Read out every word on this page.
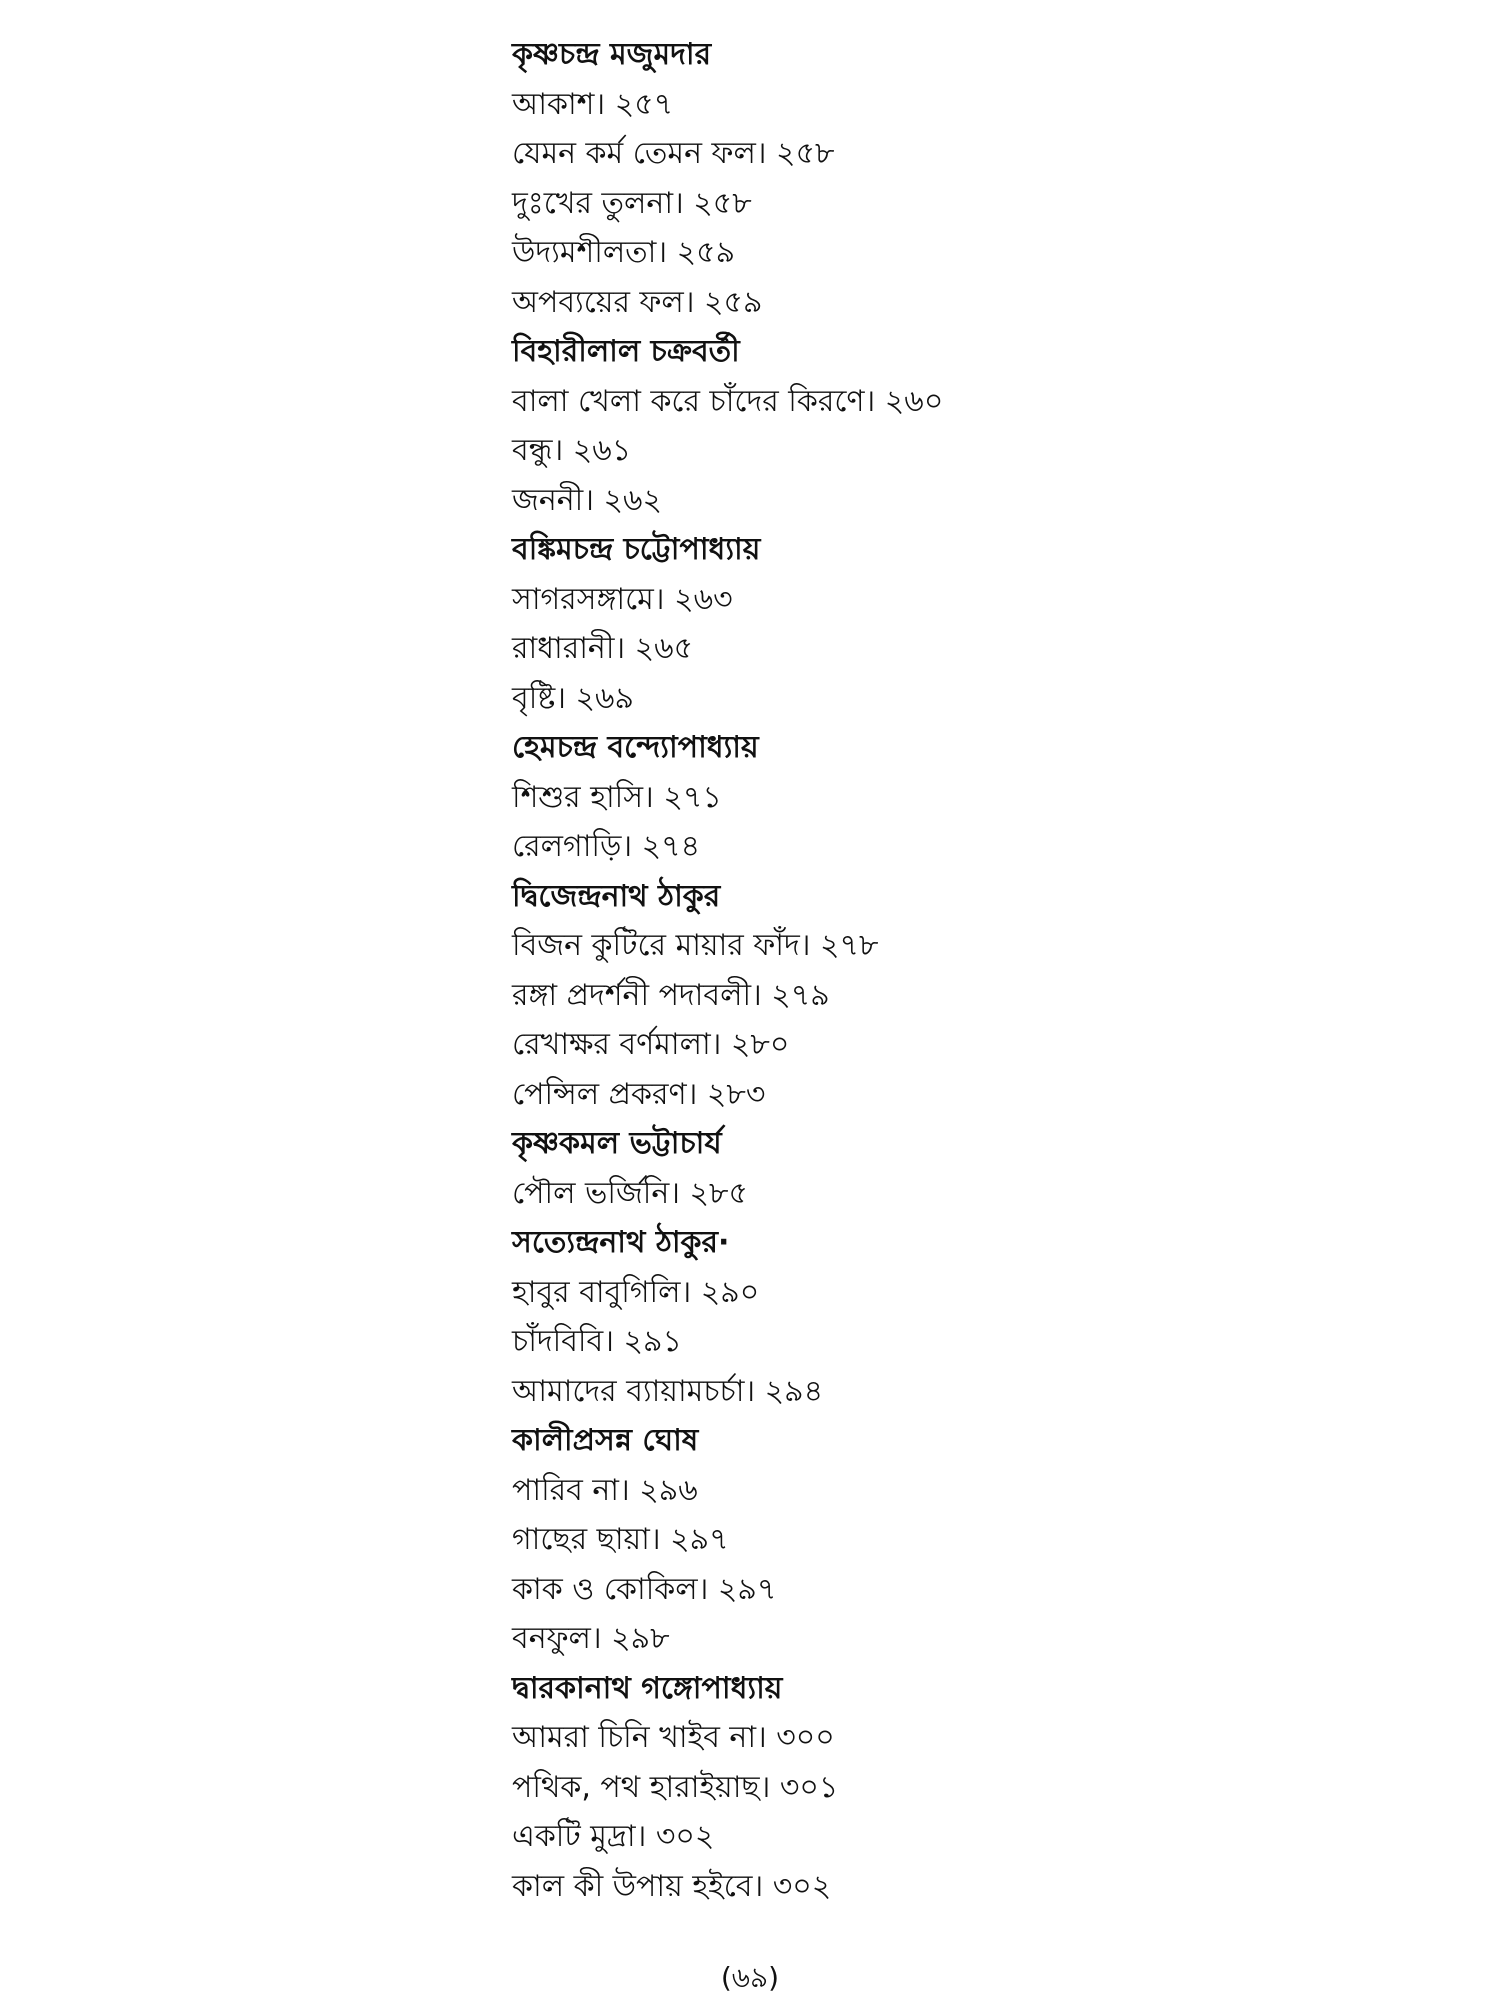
কৃষ্ণচন্দ্র মজুমদার
আকাশ। ২৫৭
যেমন কর্ম তেমন ফল। ২৫৮
দুঃখের তুলনা। ২৫৮
উদ্যমশীলতা। ২৫৯
অপব্যয়ের ফল। ২৫৯
বিহারীলাল চক্রবর্তী
বালা খেলা করে চাঁদের কিরণে। ২৬০
বন্ধু। ২৬১
জননী। ২৬২
বঙ্কিমচন্দ্র চট্টোপাধ্যায়
সাগরসঙ্গামে। ২৬৩
রাধারানী। ২৬৫
বৃষ্টি। ২৬৯
হেমচন্দ্র বন্দ্যোপাধ্যায়
শিশুর হাসি। ২৭১
রেলগাড়ি। ২৭৪
দ্বিজেন্দ্রনাথ ঠাকুর
বিজন কুটিরে মায়ার ফাঁদ। ২৭৮
রঙ্গা প্রদর্শনী পদাবলী। ২৭৯
রেখাক্ষর বর্ণমালা। ২৮০
পেন্সিল প্রকরণ। ২৮৩
কৃষ্ণকমল ভট্টাচার্য
পৌল ভর্জিনি। ২৮৫
সত্যেন্দ্রনাথ ঠাকুর·
হাবুর বাবুগিলি। ২৯০
চাঁদবিবি। ২৯১
আমাদের ব্যায়ামচর্চা। ২৯৪
কালীপ্রসন্ন ঘোষ
পারিব না। ২৯৬
গাছের ছায়া। ২৯৭
কাক ও কোকিল। ২৯৭
বনফুল। ২৯৮
দ্বারকানাথ গঙ্গোপাধ্যায়
আমরা চিনি খাইব না। ৩০০
পথিক, পথ হারাইয়াছ। ৩০১
একটি মুদ্রা। ৩০২
কাল কী উপায় হইবে। ৩০২
(৬৯)
